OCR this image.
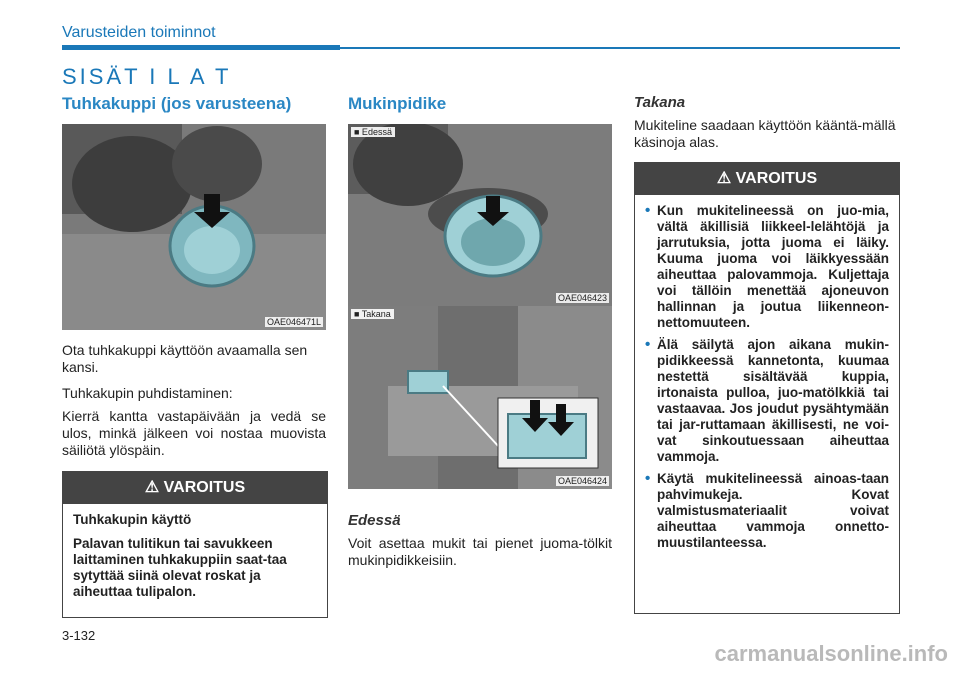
Varusteiden toiminnot
SISÄT I L A T
Tuhkakuppi (jos varusteena)
OAE046471L

Ota tuhkakuppi käyttöön avaamalla sen kansi.

Tuhkakupin puhdistaminen:

Kierrä kantta vastapäivään ja vedä se ulos, minkä jälkeen voi nostaa muovista säiliötä ylöspäin.

⚠ VAROITUS

Tuhkakupin käyttö

Palavan tulitikun tai savukkeen laittaminen tuhkakuppiin saat-taa sytyttää siinä olevat roskat ja aiheuttaa tulipalon.

Mukinpidike
■ Edessä
OAE046423
■ Takana
OAE046424
Edessä

Voit asettaa mukit tai pienet juoma-tölkit mukinpidikkeisiin.

Takana

Mukiteline saadaan käyttöön kääntä-mällä käsinoja alas.

⚠ VAROITUS
• Kun mukitelineessä on juo-mia, vältä äkillisiä liikkeel-lelähtöjä ja jarrutuksia, jotta juoma ei läiky. Kuuma juoma voi läikkyessään aiheuttaa palovammoja. Kuljettaja voi tällöin menettää ajoneuvon hallinnan ja joutua liikenneon-nettomuuteen.
• Älä säilytä ajon aikana mukin-pidikkeessä kannetonta, kuumaa nestettä sisältävää kuppia, irtonaista pulloa, juo-matölkkiä tai vastaavaa. Jos joudut pysähtymään tai jar-ruttamaan äkillisesti, ne voi-vat sinkoutuessaan aiheuttaa vammoja.
• Käytä mukitelineessä ainoas-taan pahvimukeja. Kovat valmistusmateriaalit voivat aiheuttaa vammoja onnetto-muustilanteessa.
3-132
carmanualsonline.info
